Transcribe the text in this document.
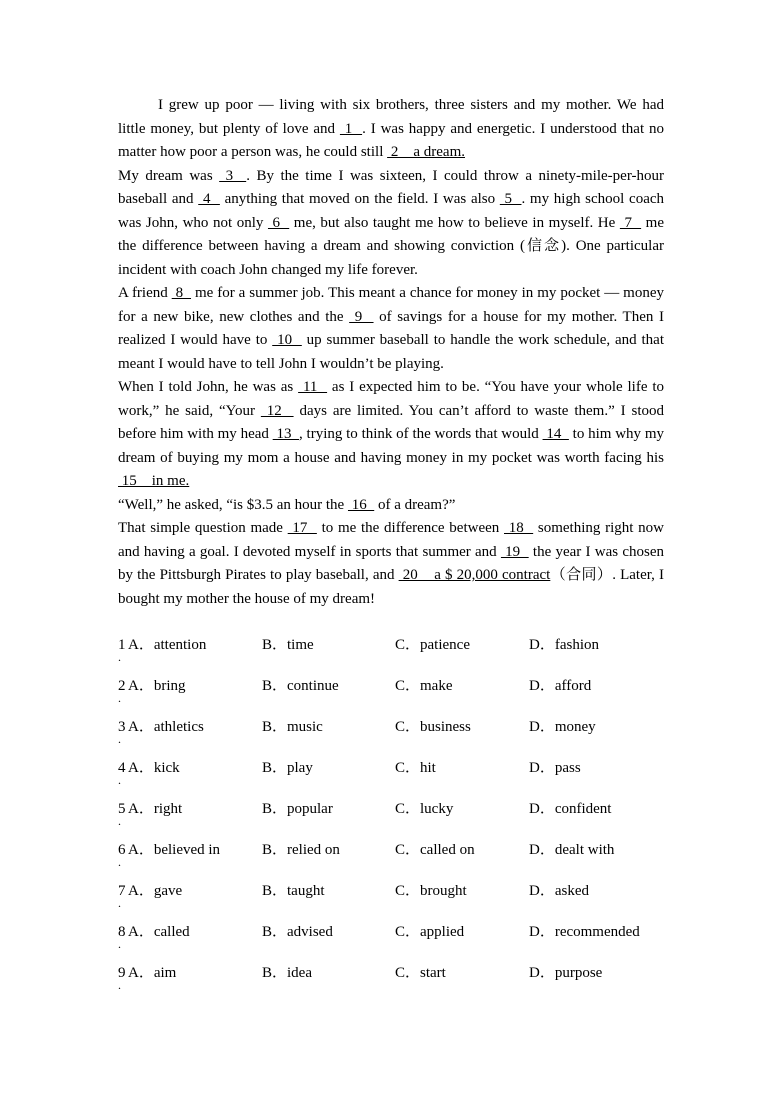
I grew up poor — living with six brothers, three sisters and my mother. We had little money, but plenty of love and  1  . I was happy and energetic. I understood that no matter how poor a person was, he could still  2    a dream.

My dream was  3  . By the time I was sixteen, I could throw a ninety-mile-per-hour baseball and  4   anything that moved on the field. I was also  5  . my high school coach was John, who not only  6   me, but also taught me how to believe in myself. He  7   me the difference between having a dream and showing conviction (信念). One particular incident with coach John changed my life forever.

A friend  8   me for a summer job. This meant a chance for money in my pocket — money for a new bike, new clothes and the  9   of savings for a house for my mother. Then I realized I would have to  10   up summer baseball to handle the work schedule, and that meant I would have to tell John I wouldn’t be playing.

When I told John, he was as  11   as I expected him to be. “You have your whole life to work,” he said, “Your  12   days are limited. You can’t afford to waste them.” I stood before him with my head  13  , trying to think of the words that would  14   to him why my dream of buying my mom a house and having money in my pocket was worth facing his  15    in me.

“Well,” he asked, “is $3.5 an hour the  16   of a dream?”

That simple question made  17   to me the difference between  18   something right now and having a goal. I devoted myself in sports that summer and  19   the year I was chosen by the Pittsburgh Pirates to play baseball, and  20    a $ 20,000 contract（合同）. Later, I bought my mother the house of my dream!

1
.
A．attention	B．time	C．patience	D．fashion
2
.
A．bring	B．continue	C．make	D．afford
3
.
A．athletics	B．music	C．business	D．money
4
.
A．kick	B．play	C．hit	D．pass
5
.
A．right	B．popular	C．lucky	D．confident
6
.
A．believed in	B．relied on	C．called on	D．dealt with
7
.
A．gave	B．taught	C．brought	D．asked
8
.
A．called	B．advised	C．applied	D．recommended
9
.
A．aim	B．idea	C．start	D．purpose
